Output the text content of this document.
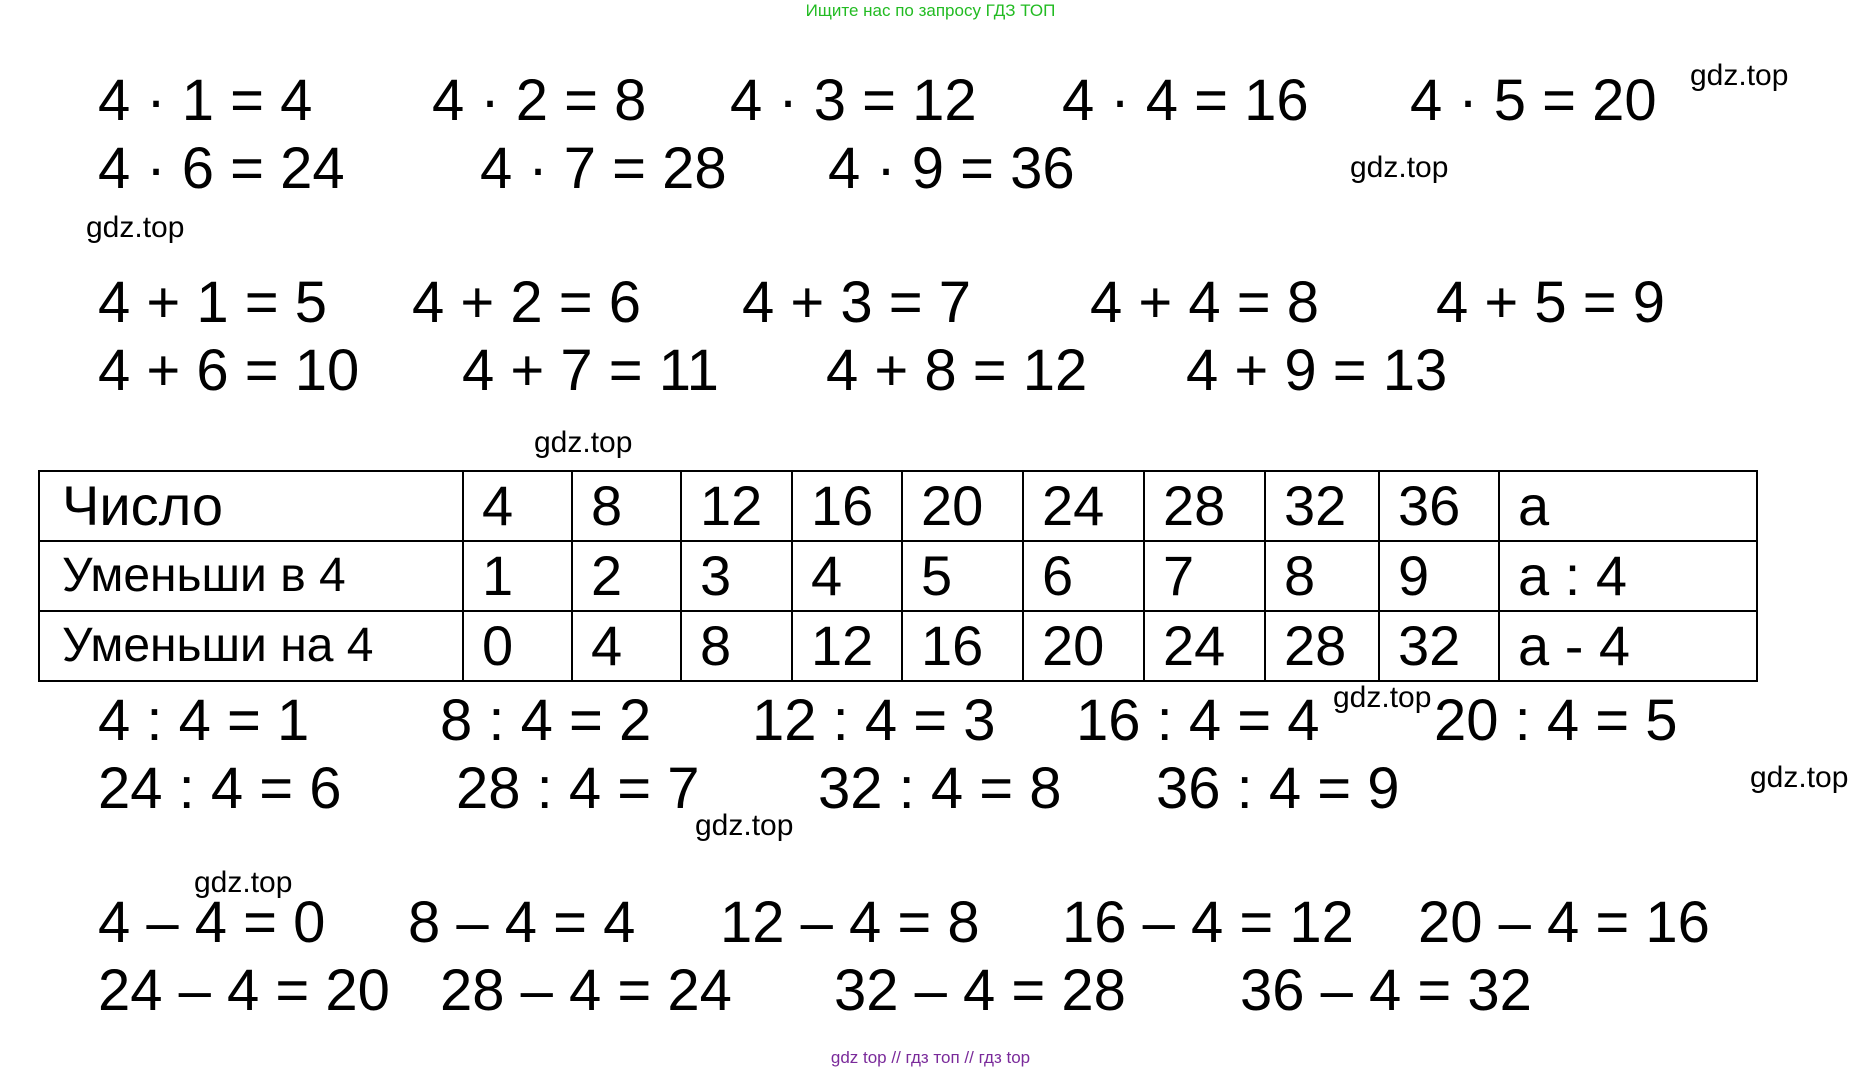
Ищите нас по запросу ГДЗ ТОП
4 · 1 = 4 4 · 2 = 8 4 · 3 = 12 4 · 4 = 16 4 · 5 = 20
4 · 6 = 24 4 · 7 = 28 4 · 9 = 36
gdz.top
gdz.top
gdz.top
gdz.top
gdz.top
gdz.top
gdz.top
gdz.top
4 + 1 = 5 4 + 2 = 6 4 + 3 = 7 4 + 4 = 8 4 + 5 = 9
4 + 6 = 10 4 + 7 = 11 4 + 8 = 12 4 + 9 = 13
Число	4	8	12	16	20	24	28	32	36	a
Уменьши в 4	1	2	3	4	5	6	7	8	9	a : 4
Уменьши на 4	0	4	8	12	16	20	24	28	32	a - 4
4 : 4 = 1 8 : 4 = 2 12 : 4 = 3 16 : 4 = 4 20 : 4 = 5
24 : 4 = 6 28 : 4 = 7 32 : 4 = 8 36 : 4 = 9
4 – 4 = 0 8 – 4 = 4 12 – 4 = 8 16 – 4 = 12 20 – 4 = 16
24 – 4 = 20 28 – 4 = 24 32 – 4 = 28 36 – 4 = 32
gdz top // гдз топ // гдз top
